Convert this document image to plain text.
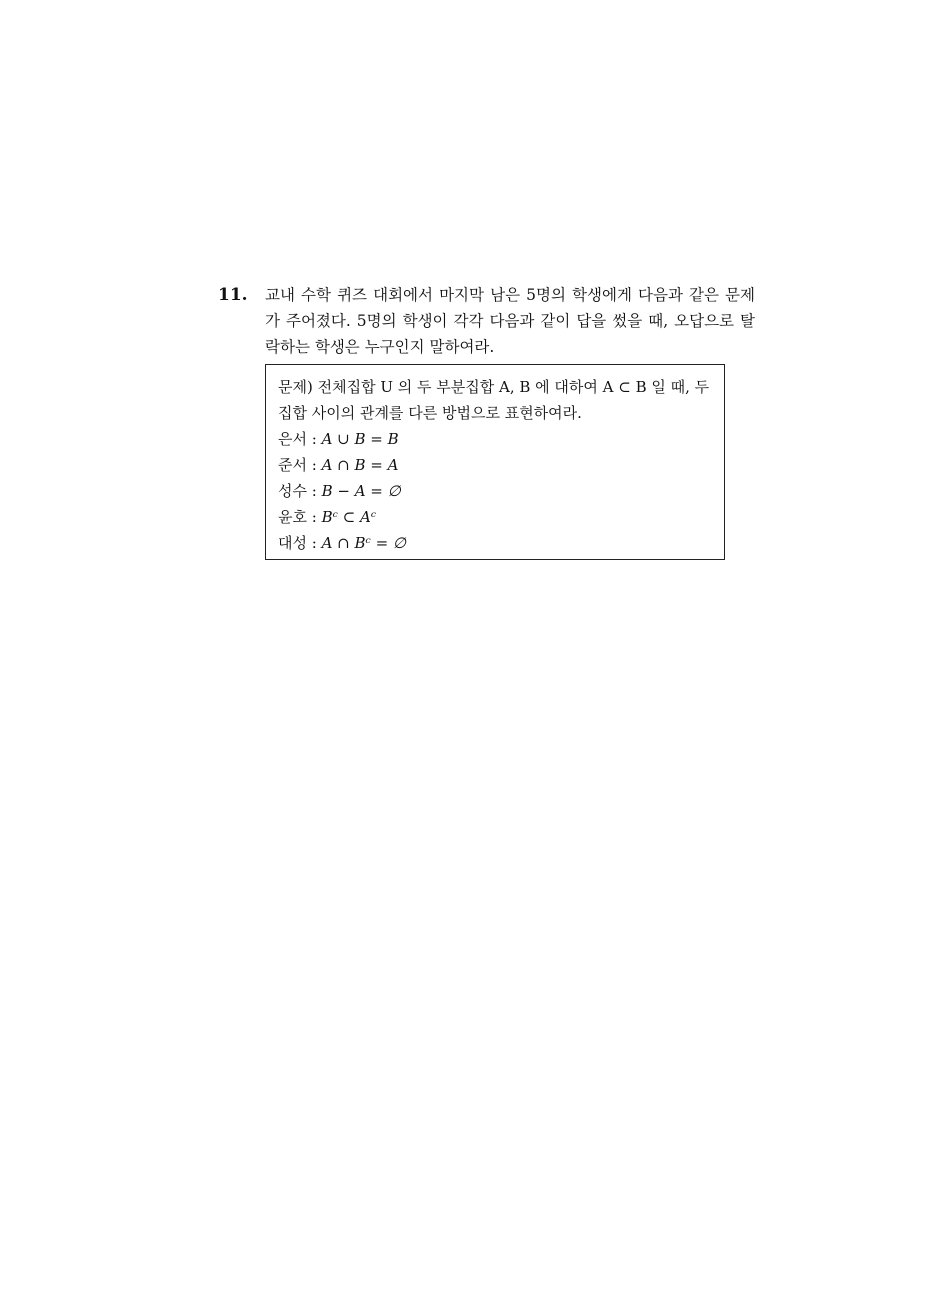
11. 교내 수학 퀴즈 대회에서 마지막 남은 5명의 학생에게 다음과 같은 문제가 주어졌다. 5명의 학생이 각각 다음과 같이 답을 썼을 때, 오답으로 탈락하는 학생은 누구인지 말하여라.
문제) 전체집합 U 의 두 부분집합 A, B 에 대하여 A ⊂ B 일 때, 두 집합 사이의 관계를 다른 방법으로 표현하여라.
은서 : A ∪ B = B
준서 : A ∩ B = A
성수 : B − A = ∅
윤호 : Bᶜ ⊂ Aᶜ
대성 : A ∩ Bᶜ = ∅
